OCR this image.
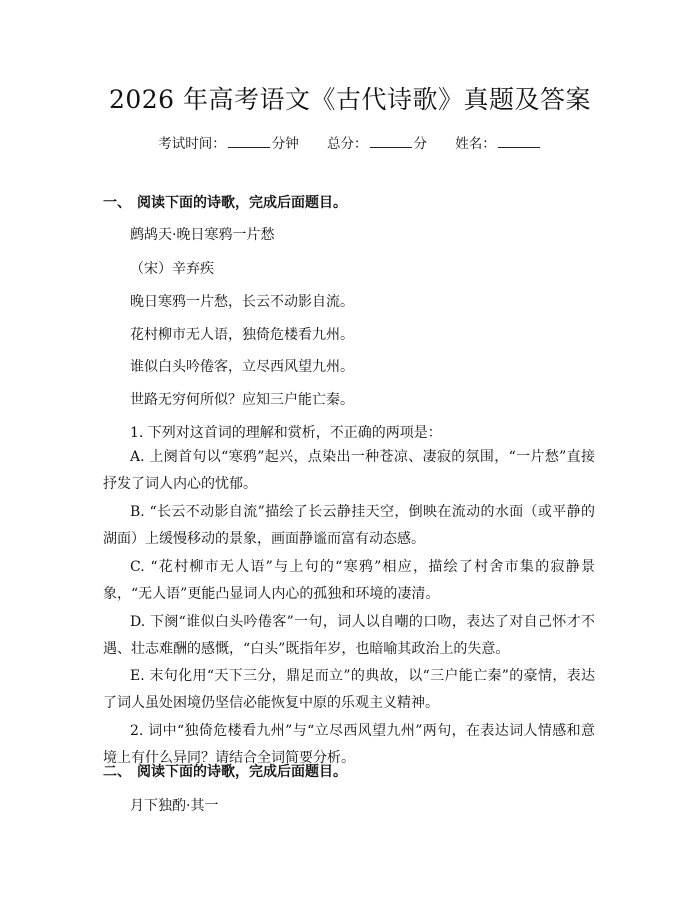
2026 年高考语文《古代诗歌》真题及答案
考试时间：	分钟 总分：	分 姓名：
一、 阅读下面的诗歌，完成后面题目。
鹧鸪天·晚日寒鸦一片愁
（宋）辛弃疾
晚日寒鸦一片愁，长云不动影自流。
花村柳市无人语，独倚危楼看九州。
谁似白头吟倦客，立尽西风望九州。
世路无穷何所似？应知三户能亡秦。
1. 下列对这首词的理解和赏析，不正确的两项是：
A. 上阕首句以“寒鸦”起兴，点染出一种苍凉、凄寂的氛围，“一片愁”直接抒发了词人内心的忧郁。
B. “长云不动影自流”描绘了长云静挂天空，倒映在流动的水面（或平静的湖面）上缓慢移动的景象，画面静谧而富有动态感。
C. “花村柳市无人语”与上句的“寒鸦”相应，描绘了村舍市集的寂静景象，“无人语”更能凸显词人内心的孤独和环境的凄清。
D. 下阕“谁似白头吟倦客”一句，词人以自嘲的口吻，表达了对自己怀才不遇、壮志难酬的感慨，“白头”既指年岁，也暗喻其政治上的失意。
E. 末句化用“天下三分，鼎足而立”的典故，以“三户能亡秦”的豪情，表达了词人虽处困境仍坚信必能恢复中原的乐观主义精神。
2. 词中“独倚危楼看九州”与“立尽西风望九州”两句，在表达词人情感和意境上有什么异同？请结合全词简要分析。
二、 阅读下面的诗歌，完成后面题目。
月下独酌·其一
